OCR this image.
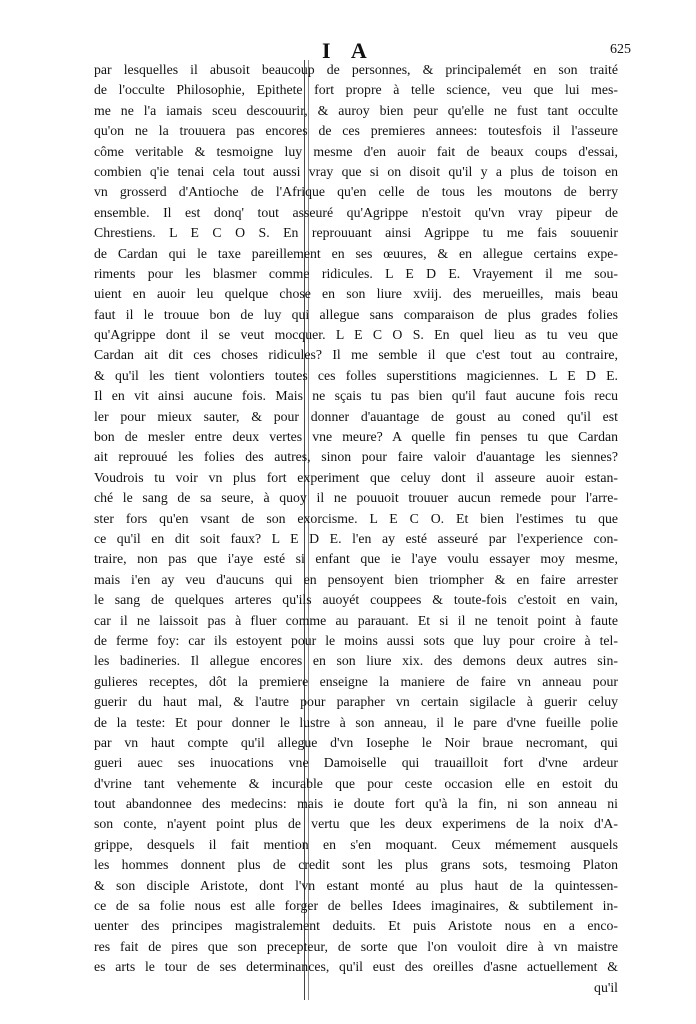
I A	625
par lesquelles il abusoit beaucoup de personnes, & principalemét en son traité
de l'occulte Philosophie, Epithete fort propre à telle science, veu que lui mes-
me ne l'a iamais sceu descouurir, & auroy bien peur qu'elle ne fust tant occulte
qu'on ne la trouuera pas encores de ces premieres annees: toutesfois il l'asseure
côme veritable & tesmoigne luy mesme d'en auoir fait de beaux coups d'essai,
combien q'ie tenai cela tout aussi vray que si on disoit qu'il y a plus de toison en
vn grosserd d'Antioche de l'Afrique qu'en celle de tous les moutons de berry
ensemble. Il est donq' tout asseuré qu'Agrippe n'estoit qu'vn vray pipeur de
Chrestiens. L E C O S. En reprouuant ainsi Agrippe tu me fais souuenir
de Cardan qui le taxe pareillement en ses œuures, & en allegue certains expe-
riments pour les blasmer comme ridicules. L E D E. Vrayement il me sou-
uient en auoir leu quelque chose en son liure xviij. des merueilles, mais beau
faut il le trouue bon de luy qui allegue sans comparaison de plus grades folies
qu'Agrippe dont il se veut mocquer. L E C O S. En quel lieu as tu veu que
Cardan ait dit ces choses ridicules? Il me semble il que c'est tout au contraire,
& qu'il les tient volontiers toutes ces folles superstitions magiciennes. L E D E.
Il en vit ainsi aucune fois. Mais ne sçais tu pas bien qu'il faut aucune fois recu
ler pour mieux sauter, & pour donner d'auantage de goust au coned qu'il est
bon de mesler entre deux vertes vne meure? A quelle fin penses tu que Cardan
ait reprouué les folies des autres, sinon pour faire valoir d'auantage les siennes?
Voudrois tu voir vn plus fort experiment que celuy dont il asseure auoir estan-
ché le sang de sa seure, à quoy il ne pouuoit trouuer aucun remede pour l'arre-
ster fors qu'en vsant de son exorcisme. L E C O. Et bien l'estimes tu que
ce qu'il en dit soit faux? L E D E. l'en ay esté asseuré par l'experience con-
traire, non pas que i'aye esté si enfant que ie l'aye voulu essayer moy mesme,
mais i'en ay veu d'aucuns qui en pensoyent bien triompher & en faire arrester
le sang de quelques arteres qu'ils auoyét couppees & toute-fois c'estoit en vain,
car il ne laissoit pas à fluer comme au parauant. Et si il ne tenoit point à faute
de ferme foy: car ils estoyent pour le moins aussi sots que luy pour croire à tel-
les badineries. Il allegue encores en son liure xix. des demons deux autres sin-
gulieres receptes, dôt la premiere enseigne la maniere de faire vn anneau pour
guerir du haut mal, & l'autre pour parapher vn certain sigilacle à guerir celuy
de la teste: Et pour donner le lustre à son anneau, il le pare d'vne fueille polie
par vn haut compte qu'il allegue d'vn Iosephe le Noir braue necromant, qui
gueri auec ses inuocations vne Damoiselle qui trauailloit fort d'vne ardeur
d'vrine tant vehemente & incurable que pour ceste occasion elle en estoit du
tout abandonnee des medecins: mais ie doute fort qu'à la fin, ni son anneau ni
son conte, n'ayent point plus de vertu que les deux experimens de la noix d'A-
grippe, desquels il fait mention en s'en moquant. Ceux mémement ausquels
les hommes donnent plus de credit sont les plus grans sots, tesmoing Platon
& son disciple Aristote, dont l'vn estant monté au plus haut de la quintessen-
ce de sa folie nous est alle forger de belles Idees imaginaires, & subtilement in-
uenter des principes magistralement deduits. Et puis Aristote nous en a enco-
res fait de pires que son precepteur, de sorte que l'on vouloit dire à vn maistre
es arts le tour de ses determinances, qu'il eust des oreilles d'asne actuellement &
qu'il
